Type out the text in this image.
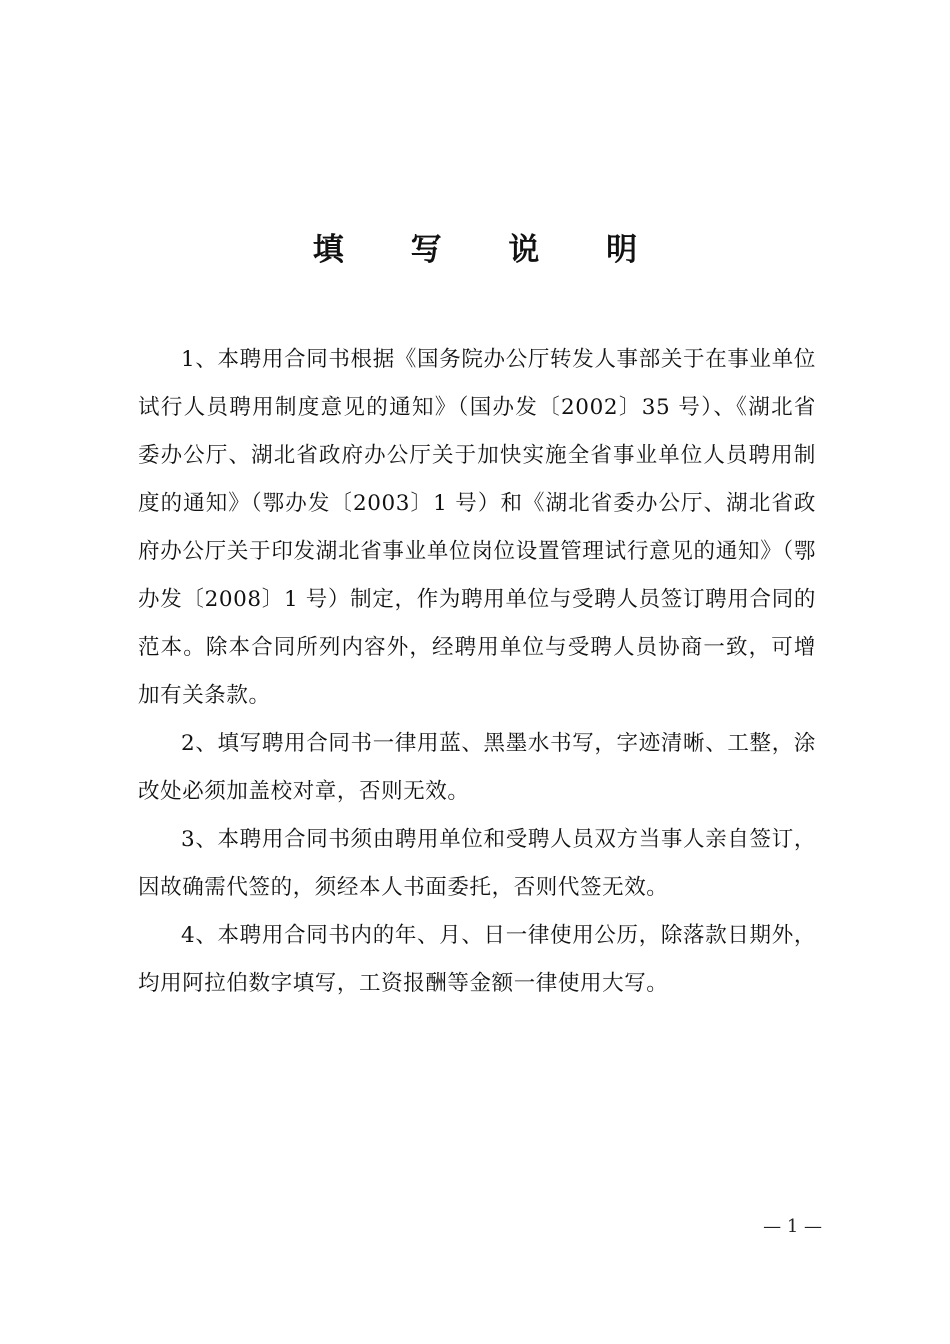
填 写 说 明

1、本聘用合同书根据《国务院办公厅转发人事部关于在事业单位试行人员聘用制度意见的通知》（国办发〔2002〕35 号）、《湖北省委办公厅、湖北省政府办公厅关于加快实施全省事业单位人员聘用制度的通知》（鄂办发〔2003〕1 号）和《湖北省委办公厅、湖北省政府办公厅关于印发湖北省事业单位岗位设置管理试行意见的通知》（鄂办发〔2008〕1 号）制定，作为聘用单位与受聘人员签订聘用合同的范本。除本合同所列内容外，经聘用单位与受聘人员协商一致，可增加有关条款。

2、填写聘用合同书一律用蓝、黑墨水书写，字迹清晰、工整，涂改处必须加盖校对章，否则无效。

3、本聘用合同书须由聘用单位和受聘人员双方当事人亲自签订，因故确需代签的，须经本人书面委托，否则代签无效。

4、本聘用合同书内的年、月、日一律使用公历，除落款日期外，均用阿拉伯数字填写，工资报酬等金额一律使用大写。

— 1 —
